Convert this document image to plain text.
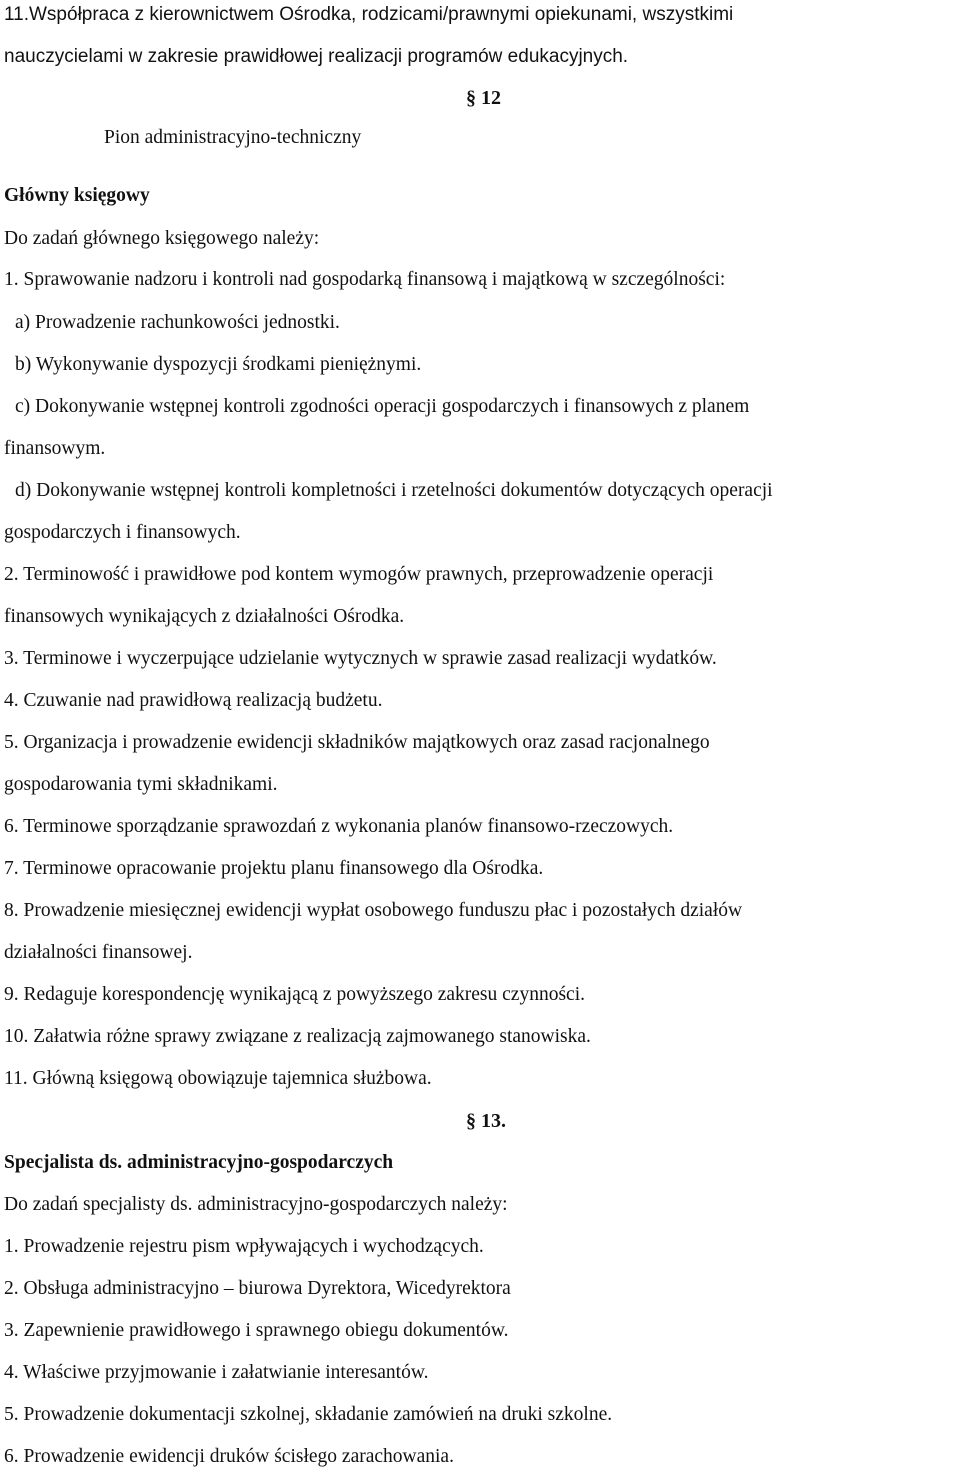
11.Współpraca z kierownictwem Ośrodka, rodzicami/prawnymi opiekunami, wszystkimi
nauczycielami w zakresie prawidłowej realizacji programów edukacyjnych.
§ 12
Pion administracyjno-techniczny
Główny księgowy
Do zadań głównego księgowego należy:
1. Sprawowanie nadzoru i kontroli nad gospodarką finansową i majątkową w szczególności:
a) Prowadzenie rachunkowości jednostki.
b) Wykonywanie dyspozycji środkami pieniężnymi.
c) Dokonywanie wstępnej kontroli zgodności operacji gospodarczych i finansowych z planem
finansowym.
d) Dokonywanie wstępnej kontroli kompletności i rzetelności dokumentów dotyczących operacji
gospodarczych i finansowych.
2. Terminowość i prawidłowe pod kontem wymogów prawnych, przeprowadzenie operacji
finansowych wynikających z działalności Ośrodka.
3. Terminowe i wyczerpujące udzielanie wytycznych w sprawie zasad realizacji wydatków.
4. Czuwanie nad prawidłową realizacją budżetu.
5. Organizacja i prowadzenie ewidencji składników majątkowych oraz zasad racjonalnego
gospodarowania tymi składnikami.
6. Terminowe sporządzanie sprawozdań z wykonania planów finansowo-rzeczowych.
7. Terminowe opracowanie projektu planu finansowego dla Ośrodka.
8. Prowadzenie miesięcznej ewidencji wypłat osobowego funduszu płac i pozostałych działów
działalności finansowej.
9. Redaguje korespondencję wynikającą z powyższego zakresu czynności.
10. Załatwia różne sprawy związane z realizacją zajmowanego stanowiska.
11. Główną księgową obowiązuje tajemnica służbowa.
§ 13.
Specjalista ds. administracyjno-gospodarczych
Do zadań specjalisty ds. administracyjno-gospodarczych należy:
1. Prowadzenie rejestru pism wpływających i wychodzących.
2. Obsługa administracyjno – biurowa Dyrektora, Wicedyrektora
3. Zapewnienie prawidłowego i sprawnego obiegu dokumentów.
4. Właściwe przyjmowanie i załatwianie interesantów.
5. Prowadzenie dokumentacji szkolnej, składanie zamówień na druki szkolne.
6. Prowadzenie ewidencji druków ścisłego zarachowania.
